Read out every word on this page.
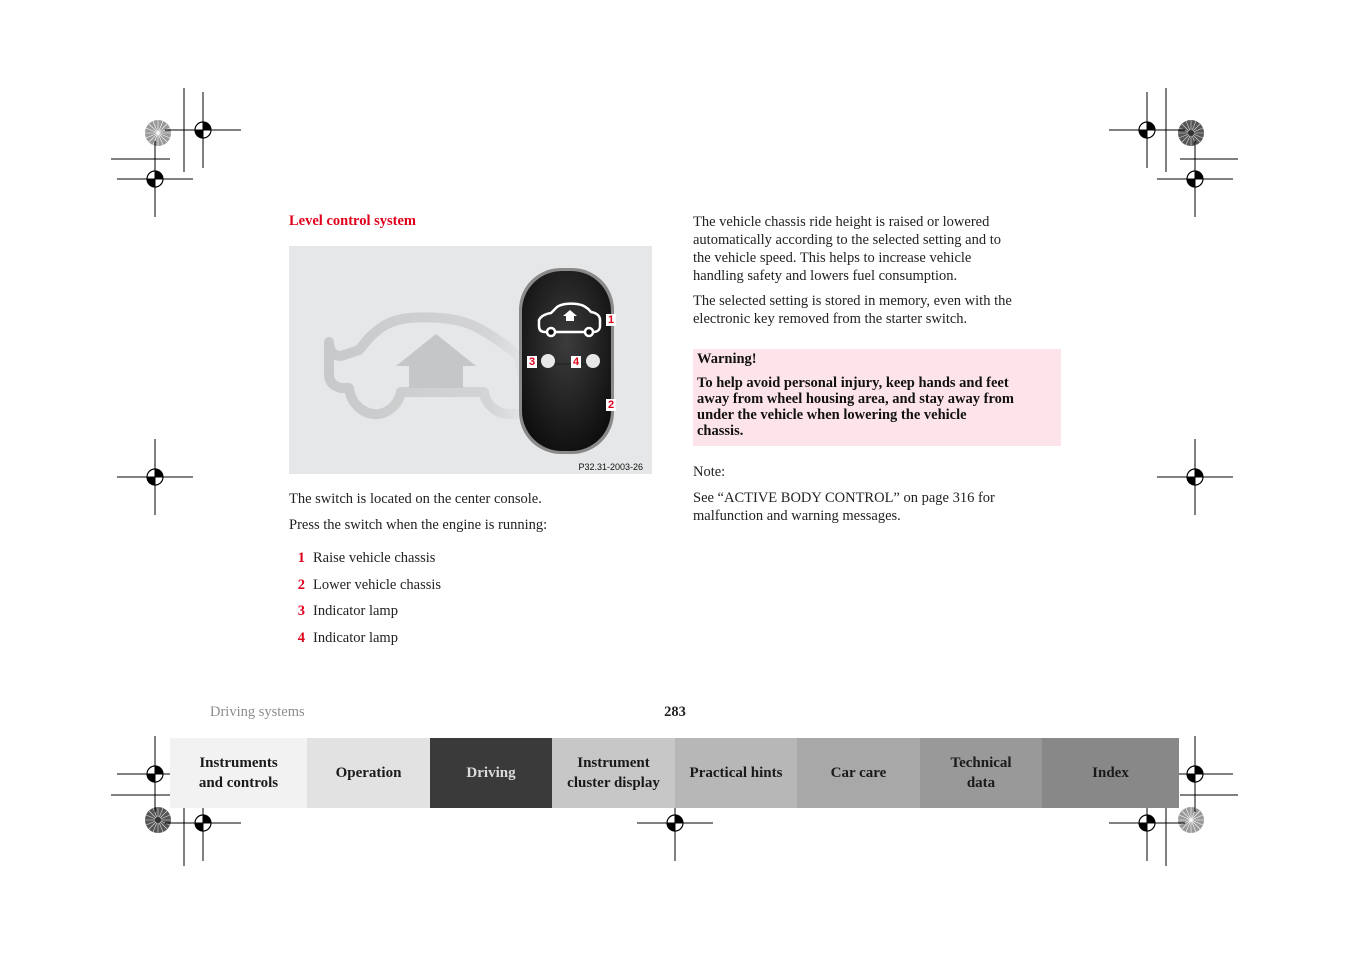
Level control system
1
3	4
2
P32.31-2003-26
The switch is located on the center console.
Press the switch when the engine is running:
1 Raise vehicle chassis
2 Lower vehicle chassis
3 Indicator lamp
4 Indicator lamp
The vehicle chassis ride height is raised or lowered
automatically according to the selected setting and to
the vehicle speed. This helps to increase vehicle
handling safety and lowers fuel consumption.
The selected setting is stored in memory, even with the
electronic key removed from the starter switch.
Warning!
To help avoid personal injury, keep hands and feet
away from wheel housing area, and stay away from
under the vehicle when lowering the vehicle
chassis.
Note:
See “ACTIVE BODY CONTROL” on page 316 for
malfunction and warning messages.
Driving systems	283
Instruments
and controls
Operation	Driving
Instrument
cluster display
Practical hints	Car care
Technical
data
Index
